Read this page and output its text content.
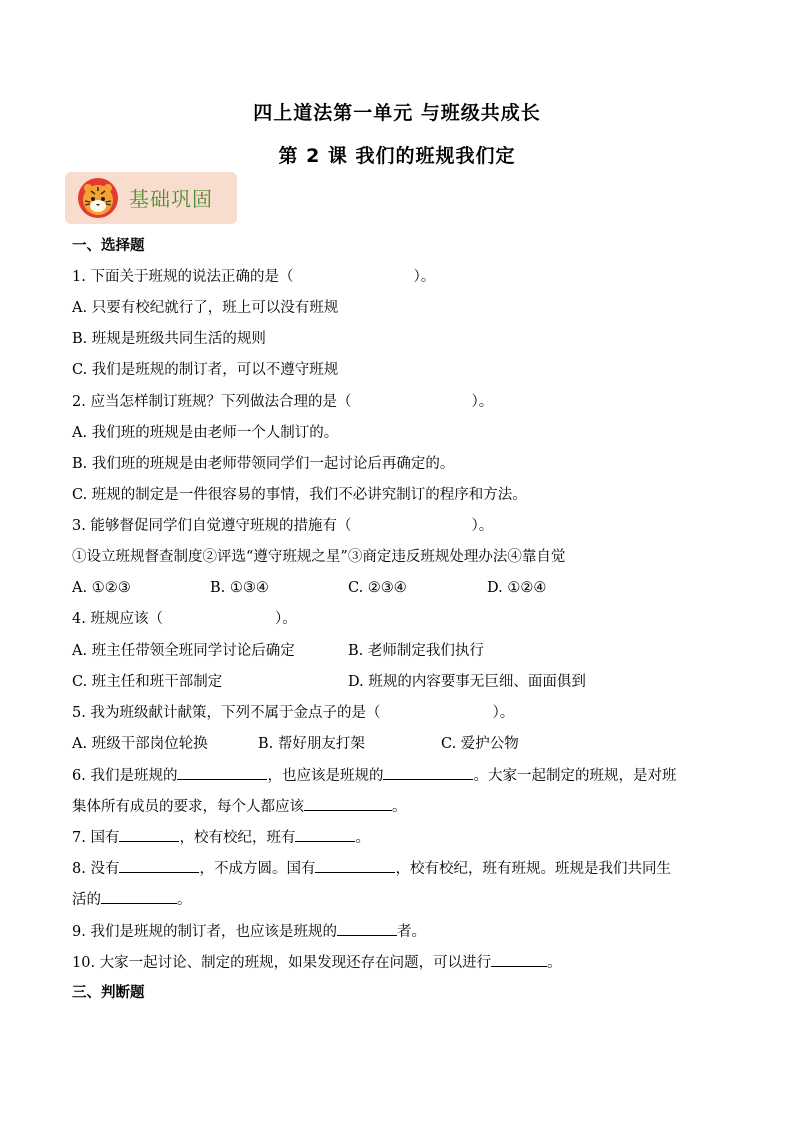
四上道法第一单元 与班级共成长
第 2 课 我们的班规我们定
基础巩固
一、选择题
1. 下面关于班规的说法正确的是（	）。
A. 只要有校纪就行了，班上可以没有班规
B. 班规是班级共同生活的规则
C. 我们是班规的制订者，可以不遵守班规
2. 应当怎样制订班规？下列做法合理的是（	）。
A. 我们班的班规是由老师一个人制订的。
B. 我们班的班规是由老师带领同学们一起讨论后再确定的。
C. 班规的制定是一件很容易的事情，我们不必讲究制订的程序和方法。
3. 能够督促同学们自觉遵守班规的措施有（	）。
①设立班规督查制度②评选“遵守班规之星”③商定违反班规处理办法④靠自觉
A. ①②③	B. ①③④	C. ②③④	D. ①②④
4. 班规应该（	）。
A. 班主任带领全班同学讨论后确定	B. 老师制定我们执行
C. 班主任和班干部制定	D. 班规的内容要事无巨细、面面俱到
5. 我为班级献计献策，下列不属于金点子的是（	）。
A. 班级干部岗位轮换	B. 帮好朋友打架	C. 爱护公物
6. 我们是班规的	，也应该是班规的	。大家一起制定的班规，是对班
集体所有成员的要求，每个人都应该	。
7. 国有	，校有校纪，班有	。
8. 没有	，不成方圆。国有	，校有校纪，班有班规。班规是我们共同生
活的	。
9. 我们是班规的制订者，也应该是班规的	者。
10. 大家一起讨论、制定的班规，如果发现还存在问题，可以进行	。
三、判断题
